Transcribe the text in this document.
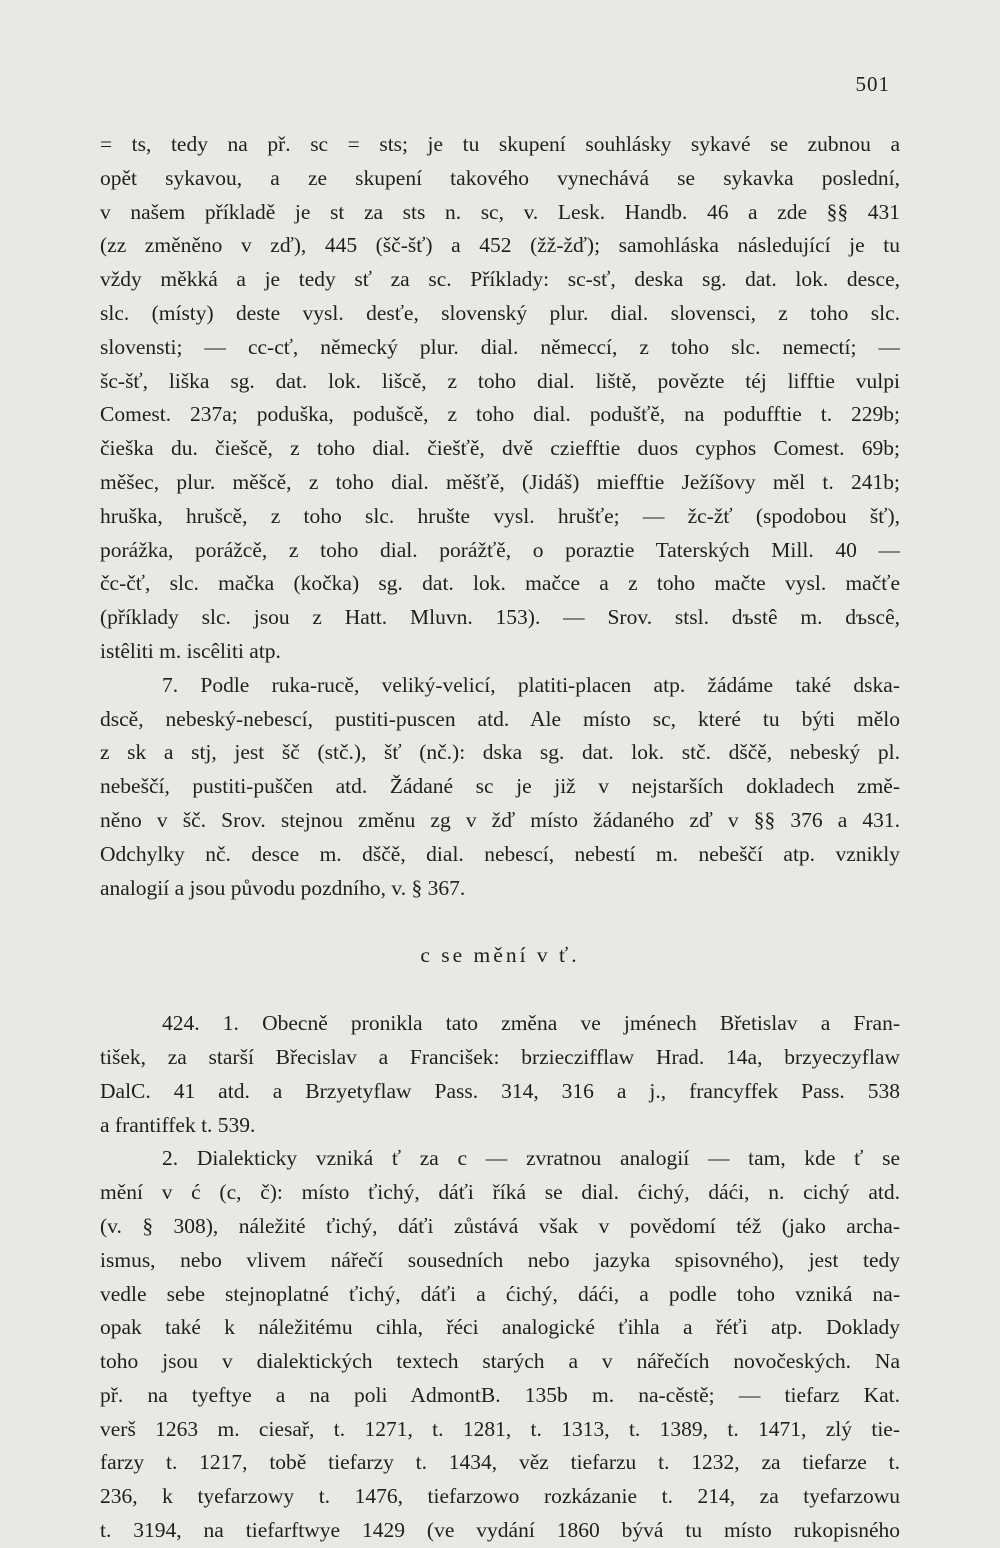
501
= ts, tedy na př. sc = sts; je tu skupení souhlásky sykavé se zubnou a
opět sykavou, a ze skupení takového vynechává se sykavka poslední,
v našem příkladě je st za sts n. sc, v. Lesk. Handb. 46 a zde §§ 431
(zz změněno v zď), 445 (šč-šť) a 452 (žž-žď); samohláska následující je tu
vždy měkká a je tedy sť za sc. Příklady: sc-sť, deska sg. dat. lok. desce,
slc. (místy) deste vysl. desťe, slovenský plur. dial. slovensci, z toho slc.
slovensti; — cc-cť, německý plur. dial. němeccí, z toho slc. nemectí; —
šc-šť, liška sg. dat. lok. lišcě, z toho dial. liště, povězte téj lifftie vulpi
Comest. 237a; poduška, podušcě, z toho dial. podušťě, na podufftie t. 229b;
čieška du. čiešcě, z toho dial. čiešťě, dvě cziefftie duos cyphos Comest. 69b;
měšec, plur. měšcě, z toho dial. měšťě, (Jidáš) miefftie Ježíšovy měl t. 241b;
hruška, hrušcě, z toho slc. hrušte vysl. hrušťe; — žc-žť (spodobou šť),
porážka, porážcě, z toho dial. porážťě, o poraztie Taterských Mill. 40 —
čc-čť, slc. mačka (kočka) sg. dat. lok. mačce a z toho mačte vysl. mačťe
(příklady slc. jsou z Hatt. Mluvn. 153). — Srov. stsl. dъstê m. dъscê,
istêliti m. iscêliti atp.
7. Podle ruka-rucě, veliký-velicí, platiti-placen atp. žádáme také dska-
dscě, nebeský-nebescí, pustiti-puscen atd. Ale místo sc, které tu býti mělo
z sk a stj, jest šč (stč.), šť (nč.): dska sg. dat. lok. stč. dščě, nebeský pl.
nebeščí, pustiti-puščen atd. Žádané sc je již v nejstarších dokladech změ-
něno v šč. Srov. stejnou změnu zg v žď místo žádaného zď v §§ 376 a 431.
Odchylky nč. desce m. dščě, dial. nebescí, nebestí m. nebeščí atp. vznikly
analogií a jsou původu pozdního, v. § 367.
c se mění v ť.
424. 1. Obecně pronikla tato změna ve jménech Břetislav a Fran-
tišek, za starší Břecislav a Francišek: brzieczifflaw Hrad. 14a, brzyeczyflaw
DalC. 41 atd. a Brzyetyflaw Pass. 314, 316 a j., francyffek Pass. 538
a frantiffek t. 539.
2. Dialekticky vzniká ť za c — zvratnou analogií — tam, kde ť se
mění v ć (c, č): místo ťichý, dáťi říká se dial. ćichý, dáći, n. cichý atd.
(v. § 308), náležité ťichý, dáťi zůstává však v povědomí též (jako archa-
ismus, nebo vlivem nářečí sousedních nebo jazyka spisovného), jest tedy
vedle sebe stejnoplatné ťichý, dáťi a ćichý, dáći, a podle toho vzniká na-
opak také k náležitému cihla, řéci analogické ťihla a řéťi atp. Doklady
toho jsou v dialektických textech starých a v nářečích novočeských. Na
př. na tyeftye a na poli AdmontB. 135b m. na-cěstě; — tiefarz Kat.
verš 1263 m. ciesař, t. 1271, t. 1281, t. 1313, t. 1389, t. 1471, zlý tie-
farzy t. 1217, tobě tiefarzy t. 1434, věz tiefarzu t. 1232, za tiefarze t.
236, k tyefarzowy t. 1476, tiefarzowo rozkázanie t. 214, za tyefarzowu
t. 3194, na tiefarftwye 1429 (ve vydání 1860 bývá tu místo rukopisného
